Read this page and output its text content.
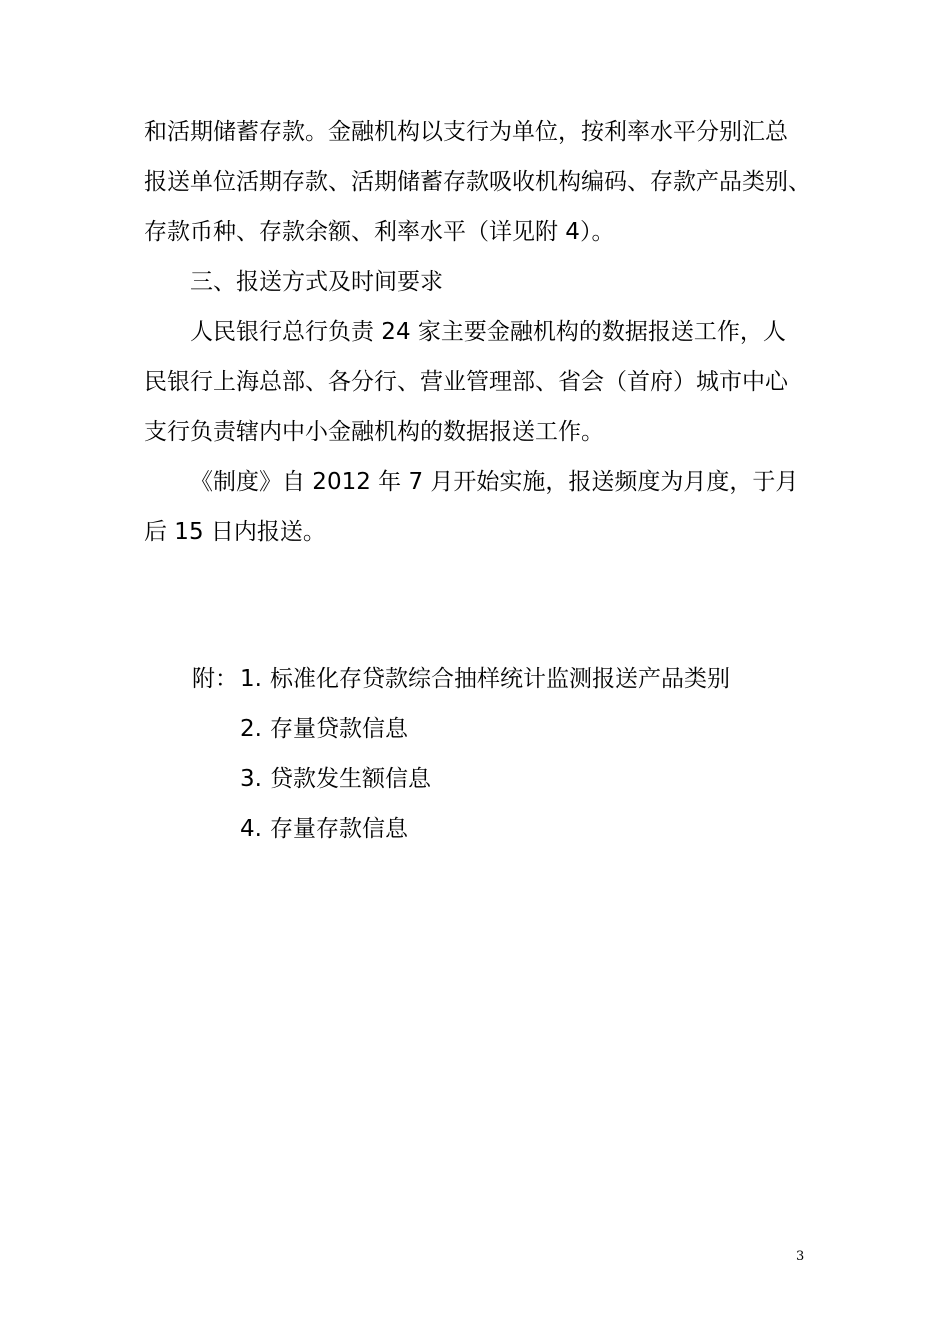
和活期储蓄存款。金融机构以支行为单位，按利率水平分别汇总
报送单位活期存款、活期储蓄存款吸收机构编码、存款产品类别、
存款币种、存款余额、利率水平（详见附 4）。

三、报送方式及时间要求

人民银行总行负责 24 家主要金融机构的数据报送工作，人
民银行上海总部、各分行、营业管理部、省会（首府）城市中心
支行负责辖内中小金融机构的数据报送工作。

《制度》自 2012 年 7 月开始实施，报送频度为月度，于月
后 15 日内报送。

附： 1. 标准化存贷款综合抽样统计监测报送产品类别
2. 存量贷款信息
3. 贷款发生额信息
4. 存量存款信息
3
